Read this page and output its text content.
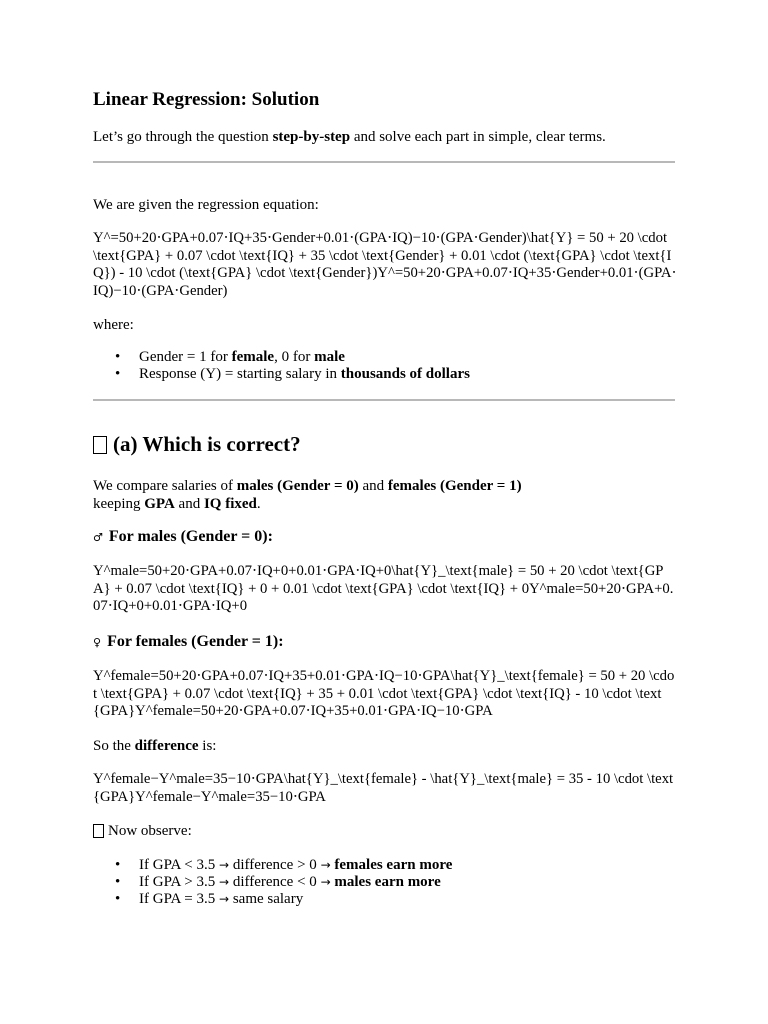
Linear Regression: Solution

Let’s go through the question step-by-step and solve each part in simple, clear terms.

We are given the regression equation:

Y^=50+20⋅GPA+0.07⋅IQ+35⋅Gender+0.01⋅(GPA⋅IQ)−10⋅(GPA⋅Gender)\hat{Y} = 50 + 20 \cdot \text{GPA} + 0.07 \cdot \text{IQ} + 35 \cdot \text{Gender} + 0.01 \cdot (\text{GPA} \cdot \text{IQ}) - 10 \cdot (\text{GPA} \cdot \text{Gender})Y^=50+20⋅GPA+0.07⋅IQ+35⋅Gender+0.01⋅(GPA⋅IQ)−10⋅(GPA⋅Gender)

where:

• Gender = 1 for female, 0 for male
• Response (Y) = starting salary in thousands of dollars
(a) Which is correct?

We compare salaries of males (Gender = 0) and females (Gender = 1)
keeping GPA and IQ fixed.

♂ For males (Gender = 0):

Y^male=50+20⋅GPA+0.07⋅IQ+0+0.01⋅GPA⋅IQ+0\hat{Y}_\text{male} = 50 + 20 \cdot \text{GPA} + 0.07 \cdot \text{IQ} + 0 + 0.01 \cdot \text{GPA} \cdot \text{IQ} + 0Y^male=50+20⋅GPA+0.07⋅IQ+0+0.01⋅GPA⋅IQ+0

♀ For females (Gender = 1):

Y^female=50+20⋅GPA+0.07⋅IQ+35+0.01⋅GPA⋅IQ−10⋅GPA\hat{Y}_\text{female} = 50 + 20 \cdot \text{GPA} + 0.07 \cdot \text{IQ} + 35 + 0.01 \cdot \text{GPA} \cdot \text{IQ} - 10 \cdot \text{GPA}Y^female=50+20⋅GPA+0.07⋅IQ+35+0.01⋅GPA⋅IQ−10⋅GPA

So the difference is:

Y^female−Y^male=35−10⋅GPA\hat{Y}_\text{female} - \hat{Y}_\text{male} = 35 - 10 \cdot \text{GPA}Y^female−Y^male=35−10⋅GPA

Now observe:

• If GPA < 3.5 → difference > 0 → females earn more
• If GPA > 3.5 → difference < 0 → males earn more
• If GPA = 3.5 → same salary
